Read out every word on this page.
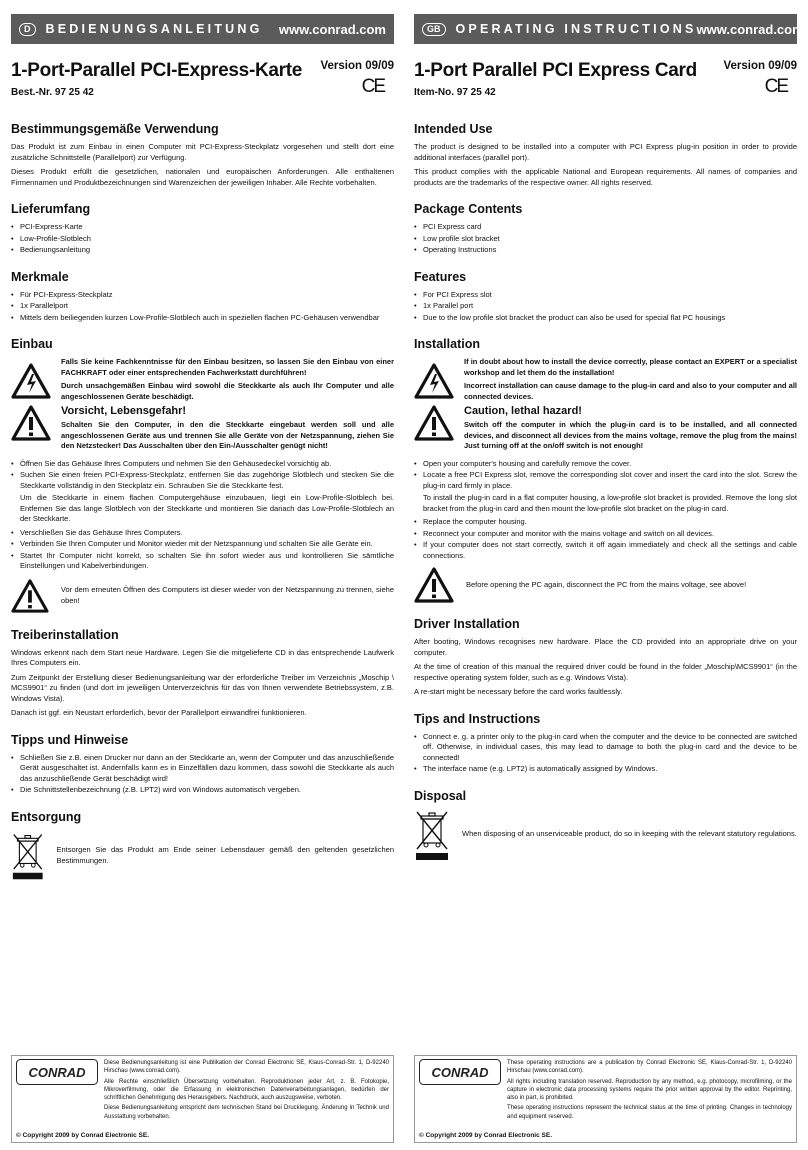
D	BEDIENUNGSANLEITUNG	www.conrad.com
1-Port-Parallel PCI-Express-Karte
Best.-Nr. 97 25 42
Version 09/09
CE
Bestimmungsgemäße Verwendung

Das Produkt ist zum Einbau in einen Computer mit PCI-Express-Steckplatz vorgesehen und stellt dort eine zusätzliche Schnittstelle (Parallelport) zur Verfügung.

Dieses Produkt erfüllt die gesetzlichen, nationalen und europäischen Anforderungen. Alle enthaltenen Firmennamen und Produktbezeichnungen sind Warenzeichen der jeweiligen Inhaber. Alle Rechte vorbehalten.

Lieferumfang
• PCI-Express-Karte
• Low-Profile-Slotblech
• Bedienungsanleitung
Merkmale
• Für PCI-Express-Steckplatz
• 1x Parallelport
• Mittels dem beiliegenden kurzen Low-Profile-Slotblech auch in speziellen flachen PC-Gehäusen verwendbar
Einbau

Falls Sie keine Fachkenntnisse für den Einbau besitzen, so lassen Sie den Einbau von einer FACHKRAFT oder einer entsprechenden Fachwerkstatt durchführen!

Durch unsachgemäßen Einbau wird sowohl die Steckkarte als auch Ihr Computer und alle angeschlossenen Geräte beschädigt.

Vorsicht, Lebensgefahr!

Schalten Sie den Computer, in den die Steckkarte eingebaut werden soll und alle angeschlossenen Geräte aus und trennen Sie alle Geräte von der Netzspannung, ziehen Sie den Netzstecker! Das Ausschalten über den Ein-/Ausschalter genügt nicht!

• Öffnen Sie das Gehäuse Ihres Computers und nehmen Sie den Gehäusedeckel vorsichtig ab.
• Suchen Sie einen freien PCI-Express-Steckplatz, entfernen Sie das zugehörige Slotblech und stecken Sie die Steckkarte vollständig in den Steckplatz ein. Schrauben Sie die Steckkarte fest.
Um die Steckkarte in einem flachen Computergehäuse einzubauen, liegt ein Low-Profile-Slotblech bei. Entfernen Sie das lange Slotblech von der Steckkarte und montieren Sie danach das Low-Profile-Slotblech an der Steckkarte.
• Verschließen Sie das Gehäuse Ihres Computers.
• Verbinden Sie Ihren Computer und Monitor wieder mit der Netzspannung und schalten Sie alle Geräte ein.
• Startet Ihr Computer nicht korrekt, so schalten Sie ihn sofort wieder aus und kontrollieren Sie sämtliche Einstellungen und Kabelverbindungen.

Vor dem erneuten Öffnen des Computers ist dieser wieder von der Netzspannung zu trennen, siehe oben!

Treiberinstallation

Windows erkennt nach dem Start neue Hardware. Legen Sie die mitgelieferte CD in das entsprechende Laufwerk Ihres Computers ein.

Zum Zeitpunkt der Erstellung dieser Bedienungsanleitung war der erforderliche Treiber im Verzeichnis „Moschip \ MCS9901“ zu finden (und dort im jeweiligen Unterverzeichnis für das von Ihnen verwendete Betriebssystem, z.B. Windows Vista).

Danach ist ggf. ein Neustart erforderlich, bevor der Parallelport einwandfrei funktionieren.

Tipps und Hinweise
• Schließen Sie z.B. einen Drucker nur dann an der Steckkarte an, wenn der Computer und das anzuschließende Gerät ausgeschaltet ist. Andernfalls kann es in Einzelfällen dazu kommen, dass sowohl die Steckkarte als auch das anzuschließende Gerät beschädigt wird!
• Die Schnittstellenbezeichnung (z.B. LPT2) wird von Windows automatisch vergeben.
Entsorgung

Entsorgen Sie das Produkt am Ende seiner Lebensdauer gemäß den geltenden gesetzlichen Bestimmungen.

GB	OPERATING INSTRUCTIONS www.conrad.com
1-Port Parallel PCI Express Card
Item-No. 97 25 42
Version 09/09
CE
Intended Use

The product is designed to be installed into a computer with PCI Express plug-in position in order to provide additional interfaces (parallel port).

This product complies with the applicable National and European requirements. All names of companies and products are the trademarks of the respective owner. All rights reserved.

Package Contents
• PCI Express card
• Low profile slot bracket
• Operating Instructions
Features
• For PCI Express slot
• 1x Parallel port
• Due to the low profile slot bracket the product can also be used for special flat PC housings
Installation

If in doubt about how to install the device correctly, please contact an EXPERT or a specialist workshop and let them do the installation!

Incorrect installation can cause damage to the plug-in card and also to your computer and all connected devices.

Caution, lethal hazard!

Switch off the computer in which the plug-in card is to be installed, and all connected devices, and disconnect all devices from the mains voltage, remove the plug from the mains! Just turning off at the on/off switch is not enough!

• Open your computer's housing and carefully remove the cover.
• Locate a free PCI Express slot, remove the corresponding slot cover and insert the card into the slot. Screw the plug-in card firmly in place.
To install the plug-in card in a flat computer housing, a low-profile slot bracket is provided. Remove the long slot bracket from the plug-in card and then mount the low-profile slot bracket on the plug-in card.
• Replace the computer housing.
• Reconnect your computer and monitor with the mains voltage and switch on all devices.
• If your computer does not start correctly, switch it off again immediately and check all the settings and cable connections.

Before opening the PC again, disconnect the PC from the mains voltage, see above!

Driver Installation

After booting, Windows recognises new hardware. Place the CD provided into an appropriate drive on your computer.

At the time of creation of this manual the required driver could be found in the folder „Moschip\MCS9901“ (in the respective operating system folder, such as e.g. Windows Vista).

A re-start might be necessary before the card works faultlessly.

Tips and Instructions
• Connect e. g. a printer only to the plug-in card when the computer and the device to be connected are switched off. Otherwise, in individual cases, this may lead to damage to both the plug-in card and the device to be connected!
• The interface name (e.g. LPT2) is automatically assigned by Windows.
Disposal

When disposing of an unserviceable product, do so in keeping with the relevant statutory regulations.

CONRAD

Diese Bedienungsanleitung ist eine Publikation der Conrad Electronic SE, Klaus-Conrad-Str. 1, D-92240 Hirschau (www.conrad.com).

Alle Rechte einschließlich Übersetzung vorbehalten. Reproduktionen jeder Art, z. B. Fotokopie, Mikroverfilmung, oder die Erfassung in elektronischen Datenverarbeitungsanlagen, bedürfen der schriftlichen Genehmigung des Herausgebers. Nachdruck, auch auszugsweise, verboten.

Diese Bedienungsanleitung entspricht dem technischen Stand bei Drucklegung. Änderung in Technik und Ausstattung vorbehalten.

© Copyright 2009 by Conrad Electronic SE.
CONRAD

These operating instructions are a publication by Conrad Electronic SE, Klaus-Conrad-Str. 1, D-92240 Hirschau (www.conrad.com).

All rights including translation reserved. Reproduction by any method, e.g. photocopy, microfilming, or the capture in electronic data processing systems require the prior written approval by the editor. Reprinting, also in part, is prohibited.

These operating instructions represent the technical status at the time of printing. Changes in technology and equipment reserved.

© Copyright 2009 by Conrad Electronic SE.
